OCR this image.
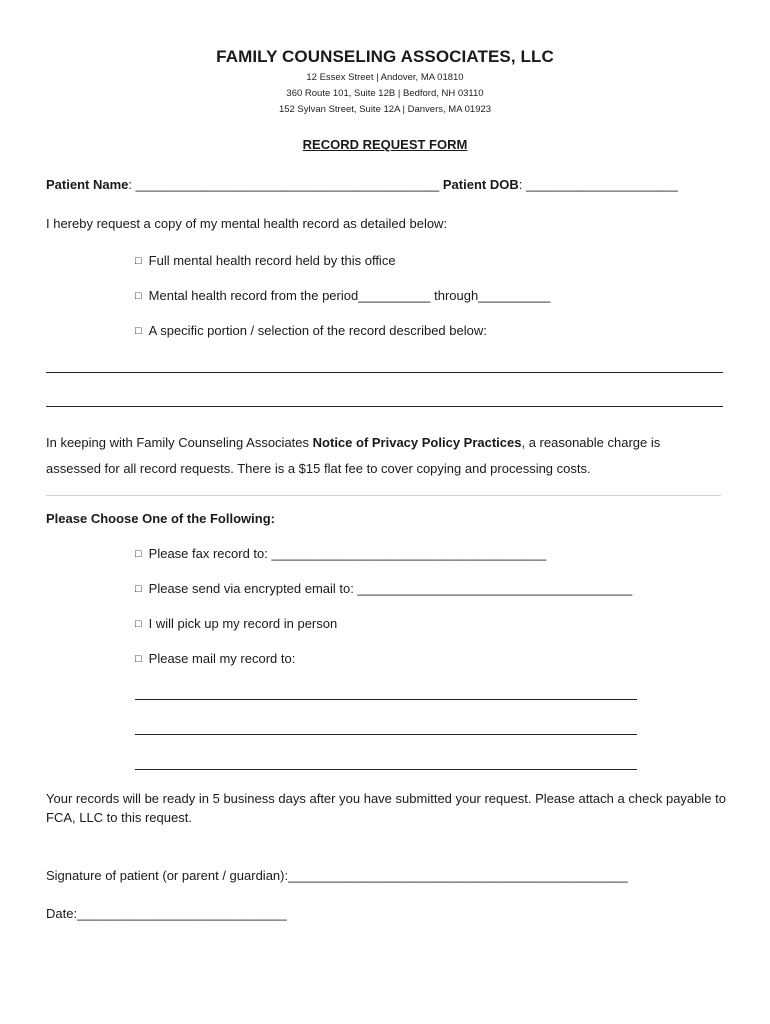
FAMILY COUNSELING ASSOCIATES, LLC
12 Essex Street | Andover, MA 01810
360 Route 101, Suite 12B | Bedford, NH 03110
152 Sylvan Street, Suite 12A | Danvers, MA 01923
RECORD REQUEST FORM
Patient Name: __________________________________________ Patient DOB: _____________________
I hereby request a copy of my mental health record as detailed below:
□ Full mental health record held by this office
□ Mental health record from the period__________ through__________
□ A specific portion / selection of the record described below:
In keeping with Family Counseling Associates Notice of Privacy Policy Practices, a reasonable charge is
assessed for all record requests. There is a $15 flat fee to cover copying and processing costs.
Please Choose One of the Following:
□ Please fax record to: ______________________________________
□ Please send via encrypted email to: ______________________________________
□ I will pick up my record in person
□ Please mail my record to:
Your records will be ready in 5 business days after you have submitted your request. Please attach a check payable to FCA, LLC to this request.
Signature of patient (or parent / guardian):_______________________________________________
Date:_____________________________
